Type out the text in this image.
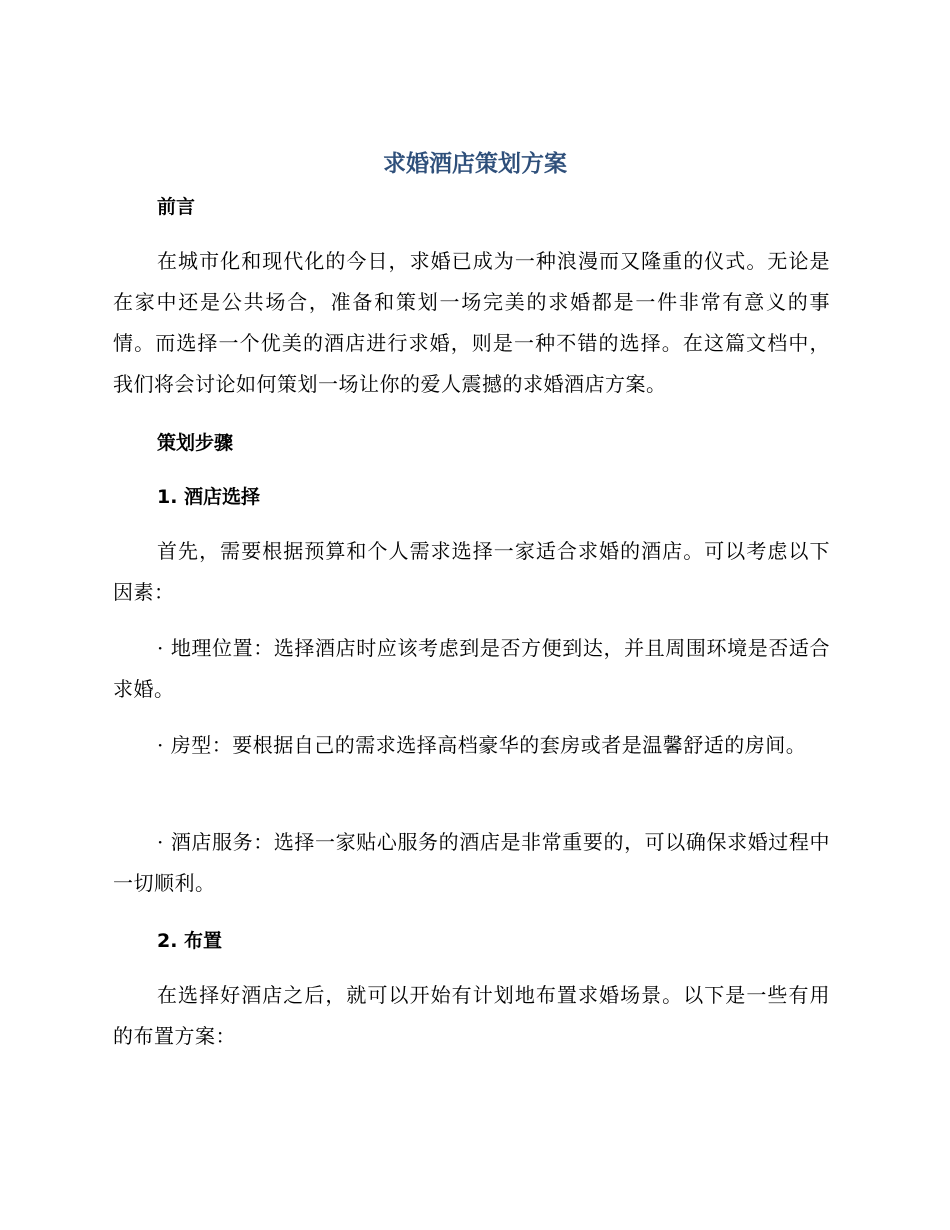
求婚酒店策划方案
前言

在城市化和现代化的今日，求婚已成为一种浪漫而又隆重的仪式。无论是在家中还是公共场合，准备和策划一场完美的求婚都是一件非常有意义的事情。而选择一个优美的酒店进行求婚，则是一种不错的选择。在这篇文档中，我们将会讨论如何策划一场让你的爱人震撼的求婚酒店方案。

策划步骤
1. 酒店选择

首先，需要根据预算和个人需求选择一家适合求婚的酒店。可以考虑以下因素：

· 地理位置：选择酒店时应该考虑到是否方便到达，并且周围环境是否适合求婚。

· 房型：要根据自己的需求选择高档豪华的套房或者是温馨舒适的房间。

· 酒店服务：选择一家贴心服务的酒店是非常重要的，可以确保求婚过程中一切顺利。

2. 布置

在选择好酒店之后，就可以开始有计划地布置求婚场景。以下是一些有用的布置方案：
